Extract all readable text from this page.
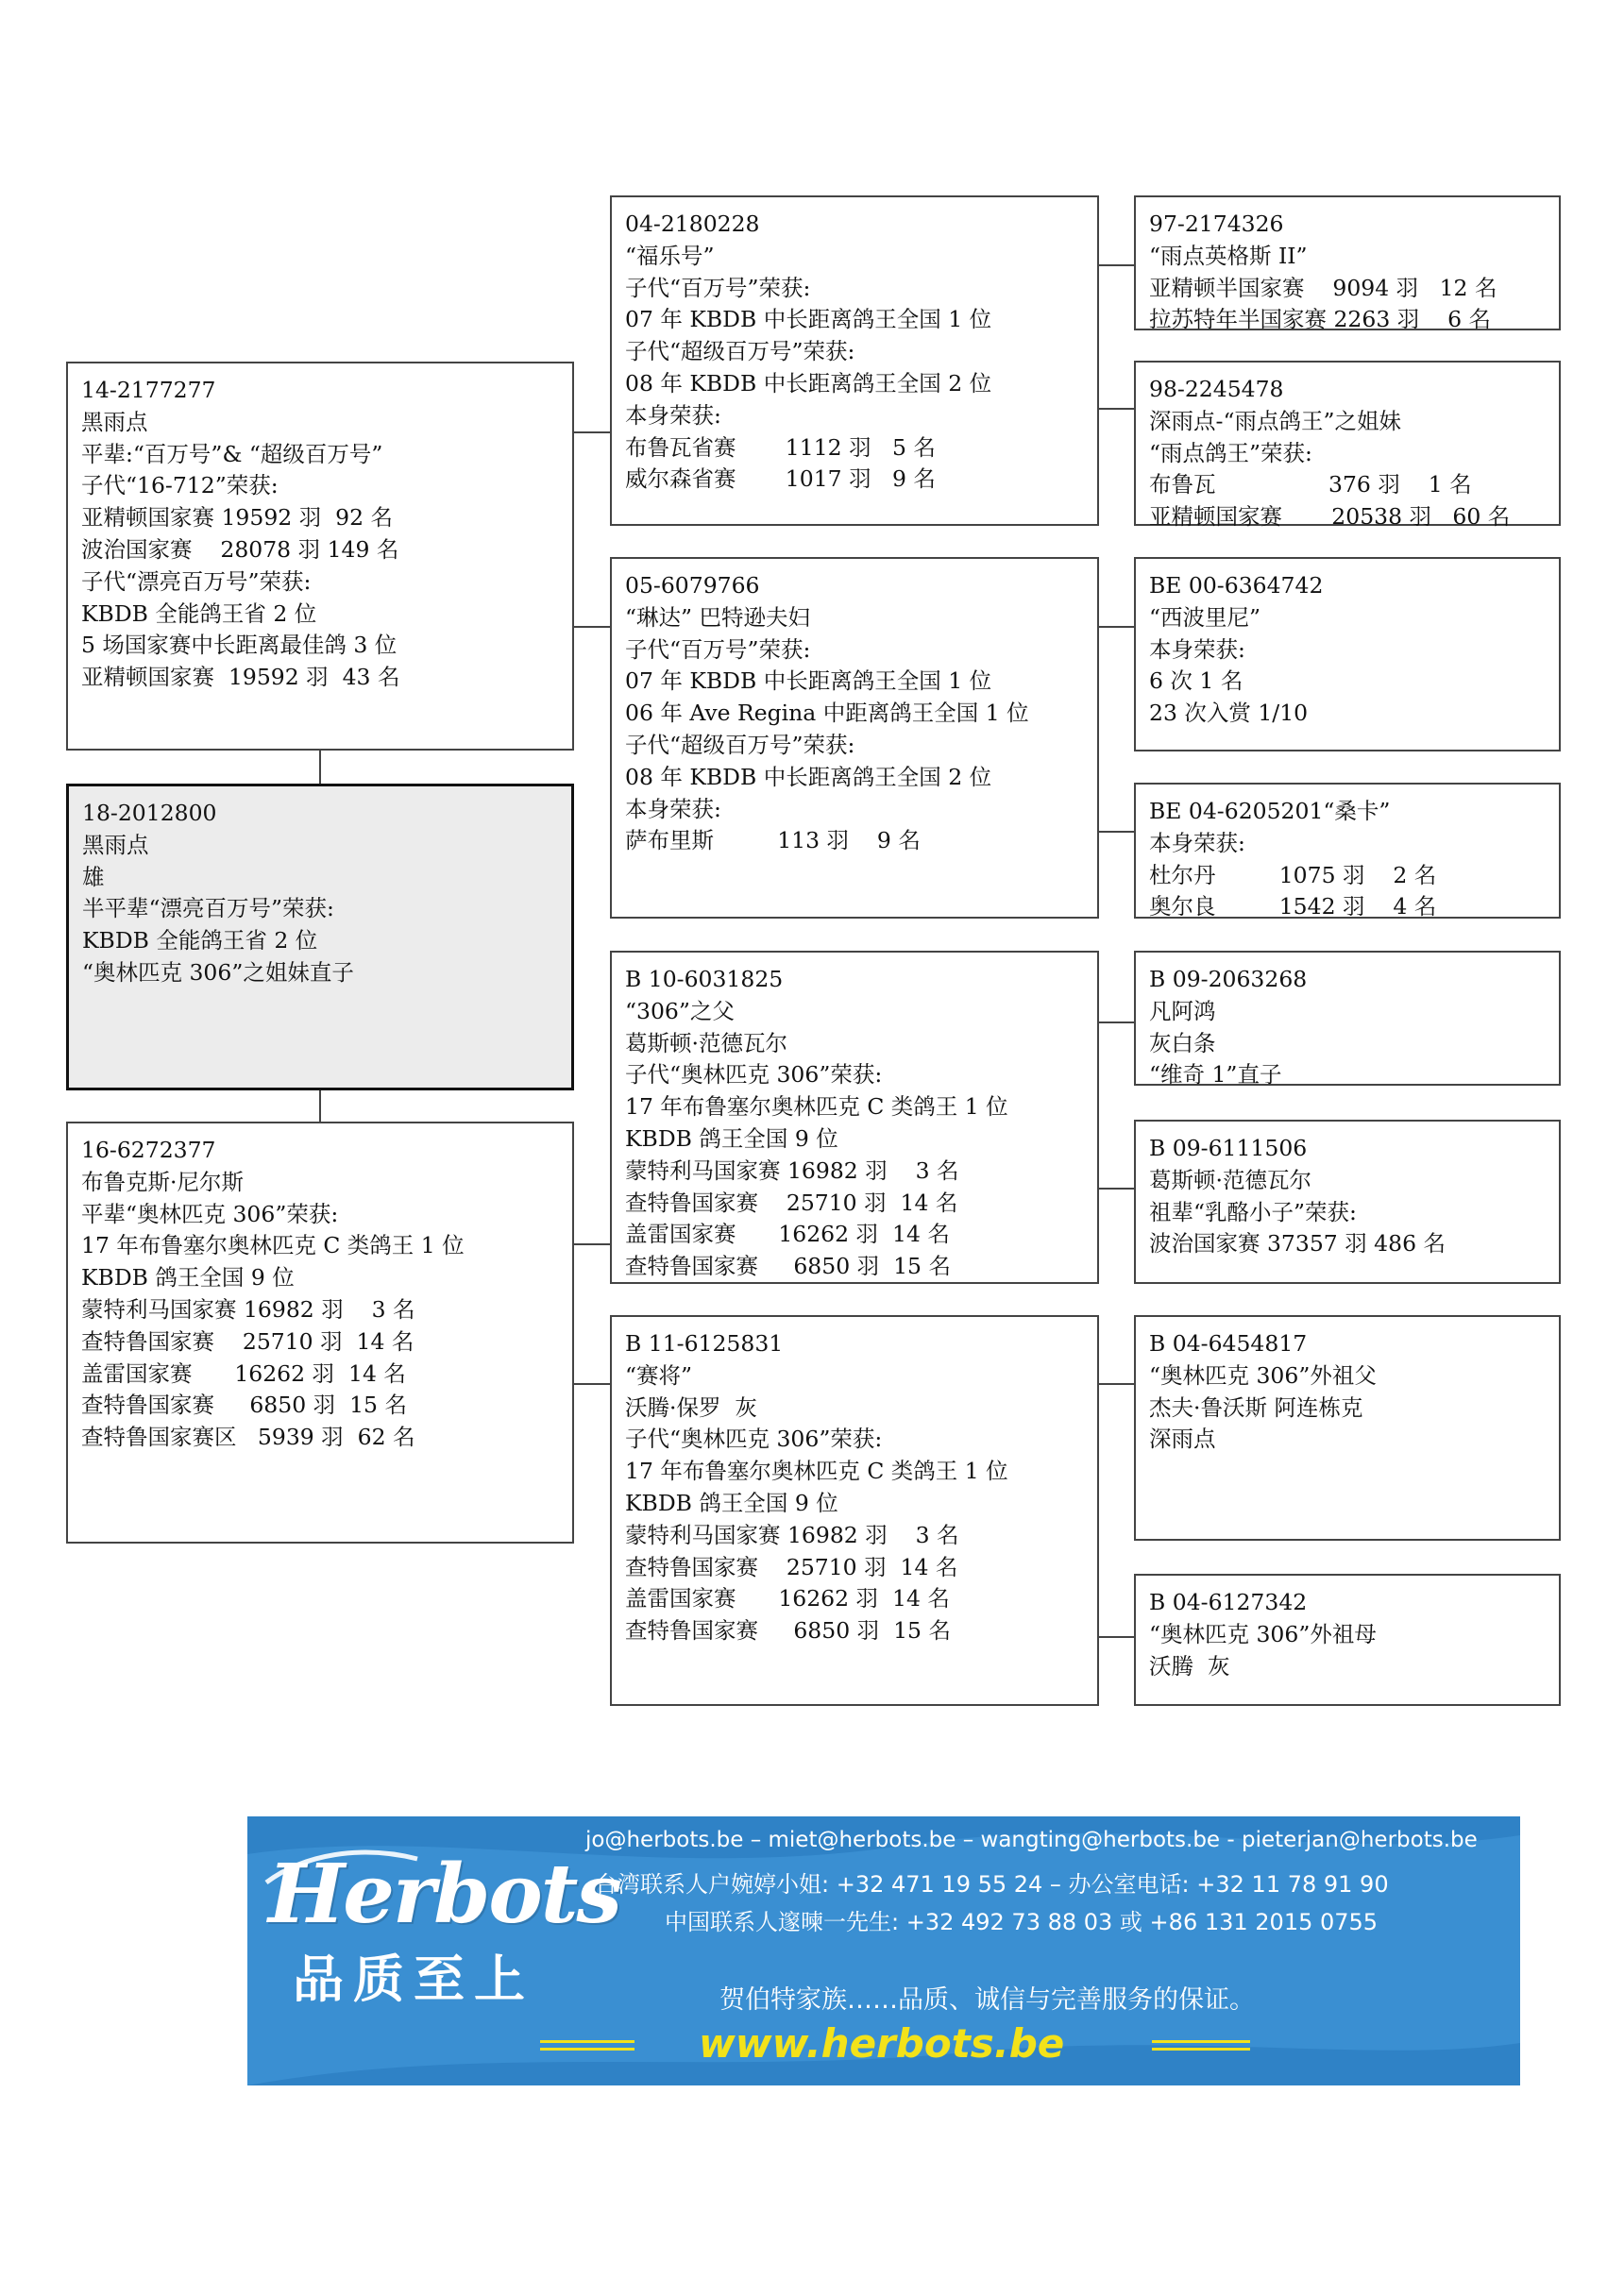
14-2177277
黑雨点
平辈:“百万号”& “超级百万号”
子代“16-712”荣获:
亚精顿国家赛 19592 羽  92 名
波治国家赛    28078 羽 149 名
子代“漂亮百万号”荣获:
KBDB 全能鸽王省 2 位
5 场国家赛中长距离最佳鸽 3 位
亚精顿国家赛  19592 羽  43 名
18-2012800
黑雨点
雄
半平辈“漂亮百万号”荣获:
KBDB 全能鸽王省 2 位
“奥林匹克 306”之姐妹直子
16-6272377
布鲁克斯·尼尔斯
平辈“奥林匹克 306”荣获:
17 年布鲁塞尔奥林匹克 C 类鸽王 1 位
KBDB 鸽王全国 9 位
蒙特利马国家赛 16982 羽    3 名
查特鲁国家赛    25710 羽  14 名
盖雷国家赛      16262 羽  14 名
查特鲁国家赛     6850 羽  15 名
查特鲁国家赛区   5939 羽  62 名
04-2180228
“福乐号”
子代“百万号”荣获:
07 年 KBDB 中长距离鸽王全国 1 位
子代“超级百万号”荣获:
08 年 KBDB 中长距离鸽王全国 2 位
本身荣获:
布鲁瓦省赛       1112 羽   5 名
威尔森省赛       1017 羽   9 名
05-6079766
“琳达” 巴特逊夫妇
子代“百万号”荣获:
07 年 KBDB 中长距离鸽王全国 1 位
06 年 Ave Regina 中距离鸽王全国 1 位
子代“超级百万号”荣获:
08 年 KBDB 中长距离鸽王全国 2 位
本身荣获:
萨布里斯         113 羽    9 名
B 10-6031825
“306”之父
葛斯顿·范德瓦尔
子代“奥林匹克 306”荣获:
17 年布鲁塞尔奥林匹克 C 类鸽王 1 位
KBDB 鸽王全国 9 位
蒙特利马国家赛 16982 羽    3 名
查特鲁国家赛    25710 羽  14 名
盖雷国家赛      16262 羽  14 名
查特鲁国家赛     6850 羽  15 名
B 11-6125831
“赛将”
沃腾·保罗  灰
子代“奥林匹克 306”荣获:
17 年布鲁塞尔奥林匹克 C 类鸽王 1 位
KBDB 鸽王全国 9 位
蒙特利马国家赛 16982 羽    3 名
查特鲁国家赛    25710 羽  14 名
盖雷国家赛      16262 羽  14 名
查特鲁国家赛     6850 羽  15 名
97-2174326
“雨点英格斯 II”
亚精顿半国家赛    9094 羽   12 名
拉苏特年半国家赛 2263 羽    6 名
98-2245478
深雨点-“雨点鸽王”之姐妹
“雨点鸽王”荣获:
布鲁瓦                376 羽    1 名
亚精顿国家赛       20538 羽   60 名
BE 00-6364742
“西波里尼”
本身荣获:
6 次 1 名
23 次入赏 1/10
BE 04-6205201“桑卡”
本身荣获:
杜尔丹         1075 羽    2 名
奥尔良         1542 羽    4 名
B 09-2063268
凡阿鸿
灰白条
“维奇 1”直子
B 09-6111506
葛斯顿·范德瓦尔
祖辈“乳酪小子”荣获:
波治国家赛 37357 羽 486 名
B 04-6454817
“奥林匹克 306”外祖父
杰夫·鲁沃斯 阿连栋克
深雨点
B 04-6127342
“奥林匹克 306”外祖母
沃腾  灰
Herbots
品质至上
jo@herbots.be – miet@herbots.be – wangting@herbots.be - pieterjan@herbots.be
台湾联系人户婉婷小姐: +32 471 19 55 24 – 办公室电话: +32 11 78 91 90
中国联系人邃暕一先生: +32 492 73 88 03 或 +86 131 2015 0755
贺伯特家族……品质、诚信与完善服务的保证。
www.herbots.be
